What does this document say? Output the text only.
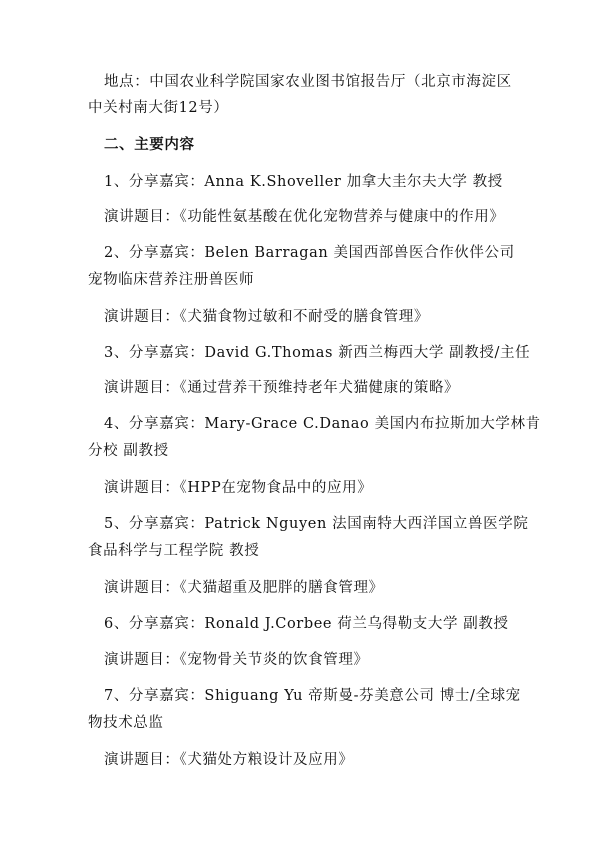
地点：中国农业科学院国家农业图书馆报告厅（北京市海淀区
中关村南大街12号）
二、主要内容
1、分享嘉宾：Anna K.Shoveller 加拿大圭尔夫大学 教授
演讲题目：《功能性氨基酸在优化宠物营养与健康中的作用》
2、分享嘉宾：Belen Barragan 美国西部兽医合作伙伴公司
宠物临床营养注册兽医师
演讲题目：《犬猫食物过敏和不耐受的膳食管理》
3、分享嘉宾：David G.Thomas 新西兰梅西大学 副教授/主任
演讲题目：《通过营养干预维持老年犬猫健康的策略》
4、分享嘉宾：Mary-Grace C.Danao 美国内布拉斯加大学林肯
分校 副教授
演讲题目：《HPP在宠物食品中的应用》
5、分享嘉宾：Patrick Nguyen 法国南特大西洋国立兽医学院
食品科学与工程学院 教授
演讲题目：《犬猫超重及肥胖的膳食管理》
6、分享嘉宾：Ronald J.Corbee 荷兰乌得勒支大学 副教授
演讲题目：《宠物骨关节炎的饮食管理》
7、分享嘉宾：Shiguang Yu 帝斯曼-芬美意公司 博士/全球宠
物技术总监
演讲题目：《犬猫处方粮设计及应用》
